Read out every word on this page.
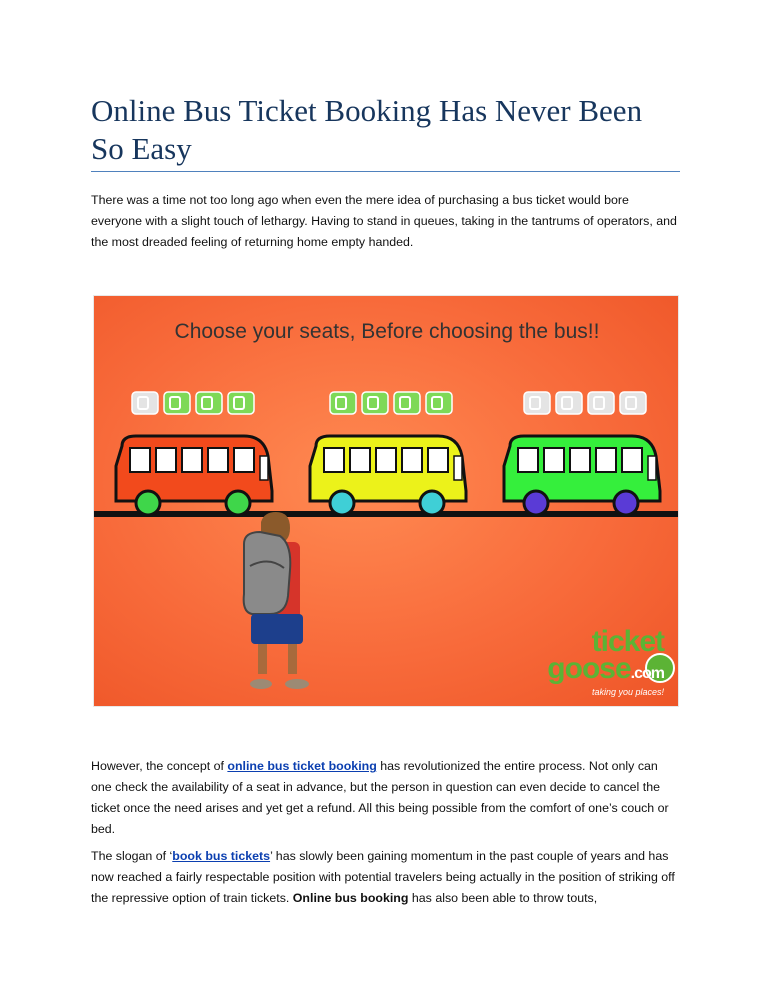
Online Bus Ticket Booking Has Never Been So Easy

There was a time not too long ago when even the mere idea of purchasing a bus ticket would bore everyone with a slight touch of lethargy. Having to stand in queues, taking in the tantrums of operators, and the most dreaded feeling of returning home empty handed.

Choose your seats, Before choosing the bus!!
ticket
goose.com
taking you places!

However, the concept of online bus ticket booking has revolutionized the entire process. Not only can one check the availability of a seat in advance, but the person in question can even decide to cancel the ticket once the need arises and yet get a refund. All this being possible from the comfort of one’s couch or bed.

The slogan of ‘book bus tickets’ has slowly been gaining momentum in the past couple of years and has now reached a fairly respectable position with potential travelers being actually in the position of striking off the repressive option of train tickets. Online bus booking has also been able to throw touts,
